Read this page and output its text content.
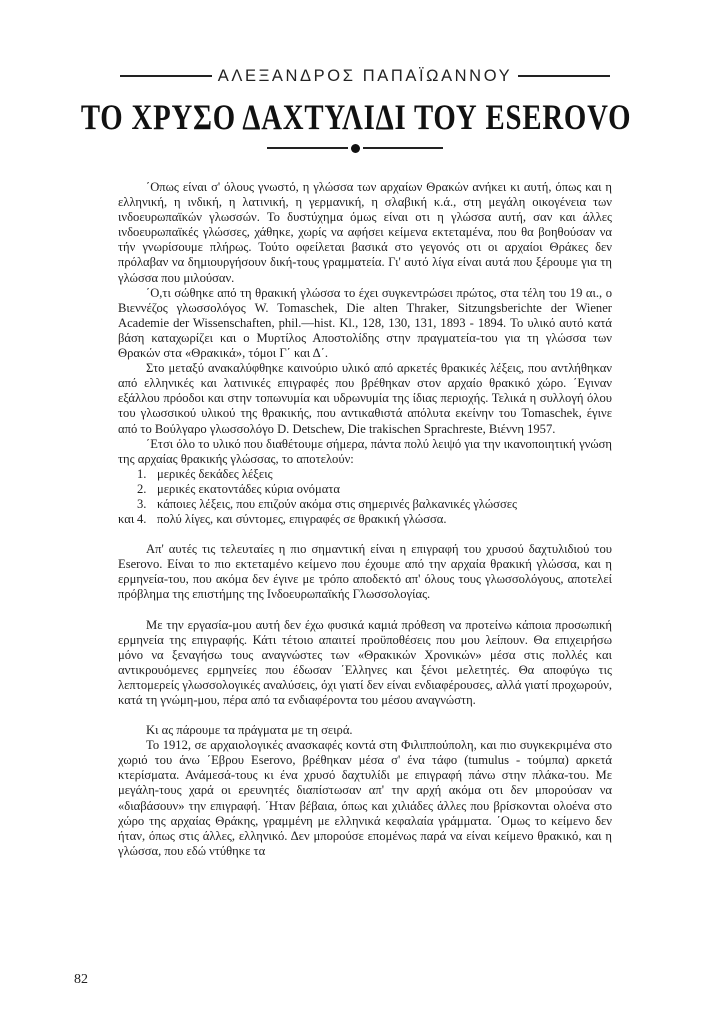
ΑΛΕΞΑΝΔΡΟΣ ΠΑΠΑΪΩΑΝΝΟΥ
ΤΟ ΧΡΥΣΟ ΔΑΧΤΥΛΙΔΙ ΤΟΥ ESEROVO

΄Οπως είναι σ' όλους γνωστό, η γλώσσα των αρχαίων Θρακών ανήκει κι αυτή, όπως και η ελληνική, η ινδική, η λατινική, η γερμανική, η σλαβική κ.ά., στη μεγάλη οικογένεια των ινδοευρωπαϊκών γλωσσών. Το δυστύχημα όμως είναι οτι η γλώσσα αυτή, σαν και άλλες ινδοευρωπαϊκές γλώσσες, χάθηκε, χωρίς να αφήσει κείμενα εκτεταμένα, που θα βοηθούσαν να τήν γνωρίσουμε πλήρως. Τούτο οφείλεται βασικά στο γεγονός οτι οι αρχαίοι Θράκες δεν πρόλαβαν να δημιουργήσουν δική-τους γραμματεία. Γι' αυτό λίγα είναι αυτά που ξέρουμε για τη γλώσσα που μιλούσαν.

΄Ο,τι σώθηκε από τη θρακική γλώσσα το έχει συγκεντρώσει πρώτος, στα τέλη του 19 αι., ο Βιεννέζος γλωσσολόγος W. Tomaschek, Die alten Thraker, Sitzungsberichte der Wiener Academie der Wissenschaften, phil.—hist. Kl., 128, 130, 131, 1893 - 1894. Το υλικό αυτό κατά βάση καταχωρίζει και ο Μυρτίλος Αποστολίδης στην πραγματεία-του για τη γλώσσα των Θρακών στα «Θρακικά», τόμοι Γ΄ και Δ΄.

Στο μεταξύ ανακαλύφθηκε καινούριο υλικό από αρκετές θρακικές λέξεις, που αντλήθηκαν από ελληνικές και λατινικές επιγραφές που βρέθηκαν στον αρχαίο θρακικό χώρο. ΄Εγιναν εξάλλου πρόοδοι και στην τοπωνυμία και υδρωνυμία της ίδιας περιοχής. Τελικά η συλλογή όλου του γλωσσικού υλικού της θρακικής, που αντικαθιστά απόλυτα εκείνην του Tomaschek, έγινε από το Βούλγαρο γλωσσολόγο D. Detschew, Die trakischen Sprachreste, Βιέννη 1957.

΄Ετσι όλο το υλικό που διαθέτουμε σήμερα, πάντα πολύ λειψό για την ικανοποιητική γνώση της αρχαίας θρακικής γλώσσας, το αποτελούν:

1. μερικές δεκάδες λέξεις
2. μερικές εκατοντάδες κύρια ονόματα
3. κάποιες λέξεις, που επιζούν ακόμα στις σημερινές βαλκανικές γλώσσες
και 4. πολύ λίγες, και σύντομες, επιγραφές σε θρακική γλώσσα.

Απ' αυτές τις τελευταίες η πιο σημαντική είναι η επιγραφή του χρυσού δαχτυλιδιού του Eserovo. Είναι το πιο εκτεταμένο κείμενο που έχουμε από την αρχαία θρακική γλώσσα, και η ερμηνεία-του, που ακόμα δεν έγινε με τρόπο αποδεκτό απ' όλους τους γλωσσολόγους, αποτελεί πρόβλημα της επιστήμης της Ινδοευρωπαϊκής Γλωσσολογίας.

Με την εργασία-μου αυτή δεν έχω φυσικά καμιά πρόθεση να προτείνω κάποια προσωπική ερμηνεία της επιγραφής. Κάτι τέτοιο απαιτεί προϋποθέσεις που μου λείπουν. Θα επιχειρήσω μόνο να ξεναγήσω τους αναγνώστες των «Θρακικών Χρονικών» μέσα στις πολλές και αντικρουόμενες ερμηνείες που έδωσαν ΄Ελληνες και ξένοι μελετητές. Θα αποφύγω τις λεπτομερείς γλωσσολογικές αναλύσεις, όχι γιατί δεν είναι ενδιαφέρουσες, αλλά γιατί προχωρούν, κατά τη γνώμη-μου, πέρα από τα ενδιαφέροντα του μέσου αναγνώστη.

Κι ας πάρουμε τα πράγματα με τη σειρά.

Το 1912, σε αρχαιολογικές ανασκαφές κοντά στη Φιλιππούπολη, και πιο συγκεκριμένα στο χωριό του άνω ΄Εβρου Eserovo, βρέθηκαν μέσα σ' ένα τάφο (tumulus - τούμπα) αρκετά κτερίσματα. Ανάμεσά-τους κι ένα χρυσό δαχτυλίδι με επιγραφή πάνω στην πλάκα-του. Με μεγάλη-τους χαρά οι ερευνητές διαπίστωσαν απ' την αρχή ακόμα οτι δεν μπορούσαν να «διαβάσουν» την επιγραφή. ΄Ηταν βέβαια, όπως και χιλιάδες άλλες που βρίσκονται ολοένα στο χώρο της αρχαίας Θράκης, γραμμένη με ελληνικά κεφαλαία γράμματα. ΄Ομως το κείμενο δεν ήταν, όπως στις άλλες, ελληνικό. Δεν μπορούσε επομένως παρά να είναι κείμενο θρακικό, και η γλώσσα, που εδώ ντύθηκε τα

82
